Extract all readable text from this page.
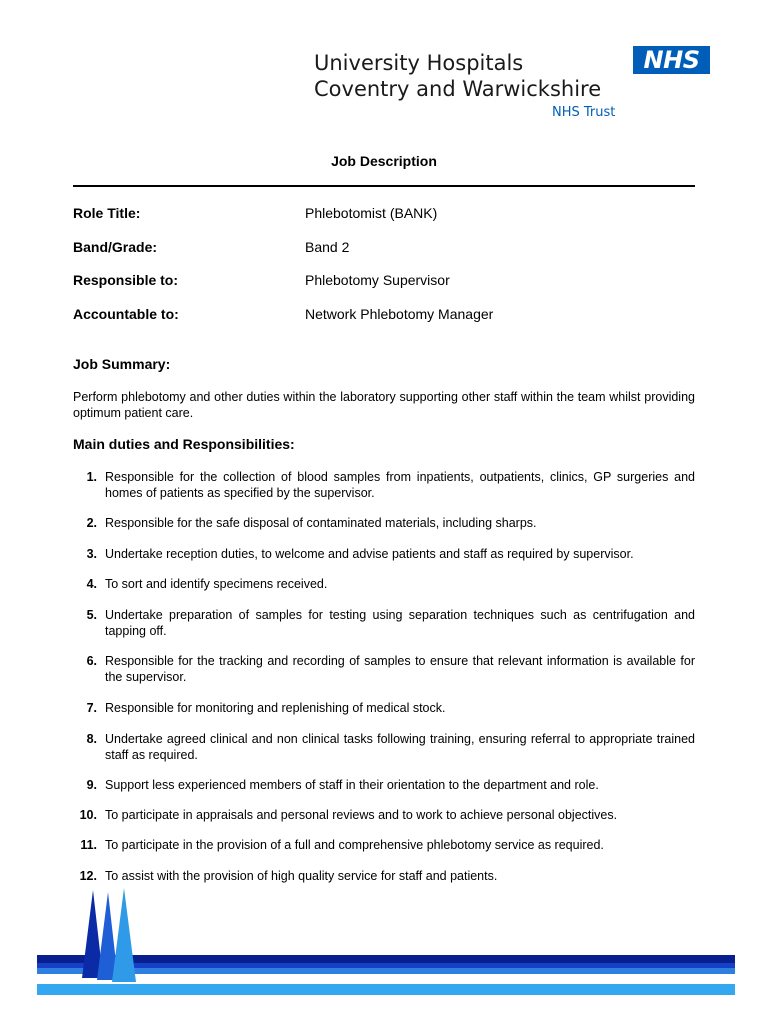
University Hospitals
Coventry and Warwickshire
NHS
NHS Trust
Job Description
Role Title:	Phlebotomist (BANK)
Band/Grade:	Band 2
Responsible to:	Phlebotomy Supervisor
Accountable to:	Network Phlebotomy Manager
Job Summary:
Perform phlebotomy and other duties within the laboratory supporting other staff within the team whilst providing optimum patient care.
Main duties and Responsibilities:
1. Responsible for the collection of blood samples from inpatients, outpatients, clinics, GP surgeries and homes of patients as specified by the supervisor.
2. Responsible for the safe disposal of contaminated materials, including sharps.
3. Undertake reception duties, to welcome and advise patients and staff as required by supervisor.
4. To sort and identify specimens received.
5. Undertake preparation of samples for testing using separation techniques such as centrifugation and tapping off.
6. Responsible for the tracking and recording of samples to ensure that relevant information is available for the supervisor.
7. Responsible for monitoring and replenishing of medical stock.
8. Undertake agreed clinical and non clinical tasks following training, ensuring referral to appropriate trained staff as required.
9. Support less experienced members of staff in their orientation to the department and role.
10. To participate in appraisals and personal reviews and to work to achieve personal objectives.
11. To participate in the provision of a full and comprehensive phlebotomy service as required.
12. To assist with the provision of high quality service for staff and patients.
